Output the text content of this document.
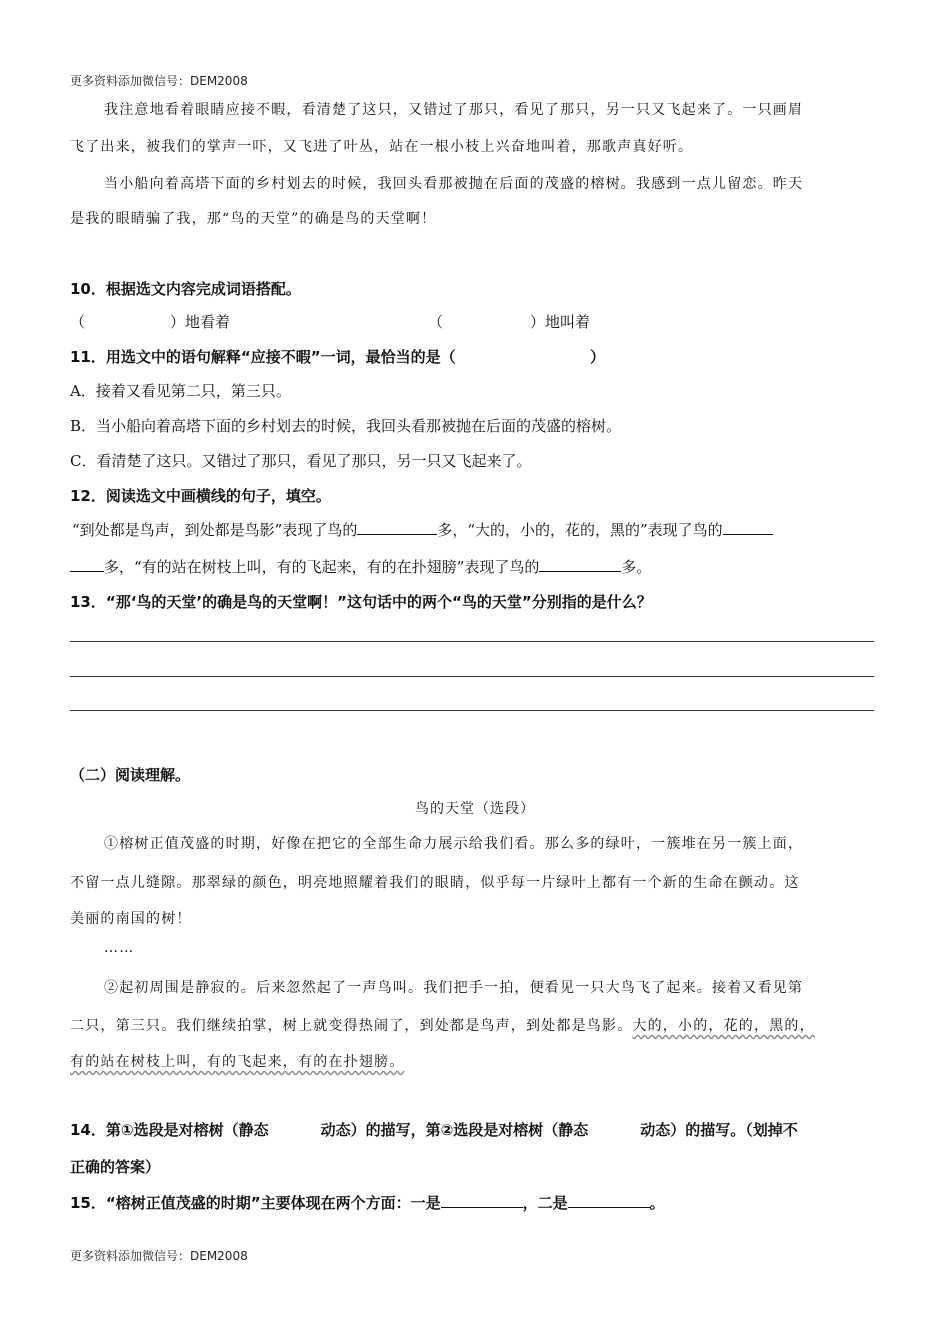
更多资料添加微信号：DEM2008
我注意地看着眼睛应接不暇，看清楚了这只，又错过了那只，看见了那只，另一只又飞起来了。一只画眉
飞了出来，被我们的掌声一吓，又飞进了叶丛，站在一根小枝上兴奋地叫着，那歌声真好听。
当小船向着高塔下面的乡村划去的时候，我回头看那被抛在后面的茂盛的榕树。我感到一点儿留恋。昨天
是我的眼睛骗了我，那“鸟的天堂”的确是鸟的天堂啊！
10．根据选文内容完成词语搭配。
（	）地看着	（	）地叫着
11．用选文中的语句解释“应接不暇”一词，最恰当的是（	）
A．接着又看见第二只，第三只。
B．当小船向着高塔下面的乡村划去的时候，我回头看那被抛在后面的茂盛的榕树。
C．看清楚了这只。又错过了那只，看见了那只，另一只又飞起来了。
12．阅读选文中画横线的句子，填空。
“到处都是鸟声，到处都是鸟影”表现了鸟的	多，“大的，小的，花的，黑的”表现了鸟的
多，“有的站在树枝上叫，有的飞起来，有的在扑翅膀”表现了鸟的	多。
13．“那‘鸟的天堂’的确是鸟的天堂啊！”这句话中的两个“鸟的天堂”分别指的是什么？
（二）阅读理解。
鸟的天堂（选段）
①榕树正值茂盛的时期，好像在把它的全部生命力展示给我们看。那么多的绿叶，一簇堆在另一簇上面，
不留一点儿缝隙。那翠绿的颜色，明亮地照耀着我们的眼睛，似乎每一片绿叶上都有一个新的生命在颤动。这
美丽的南国的树！
……
②起初周围是静寂的。后来忽然起了一声鸟叫。我们把手一拍，便看见一只大鸟飞了起来。接着又看见第
二只，第三只。我们继续拍掌，树上就变得热闹了，到处都是鸟声，到处都是鸟影。大的，小的，花的，黑的，
有的站在树枝上叫，有的飞起来，有的在扑翅膀。
14．第①选段是对榕树（静态	动态）的描写，第②选段是对榕树（静态	动态）的描写。（划掉不
正确的答案）
15．“榕树正值茂盛的时期”主要体现在两个方面：一是	，二是	。
更多资料添加微信号：DEM2008
